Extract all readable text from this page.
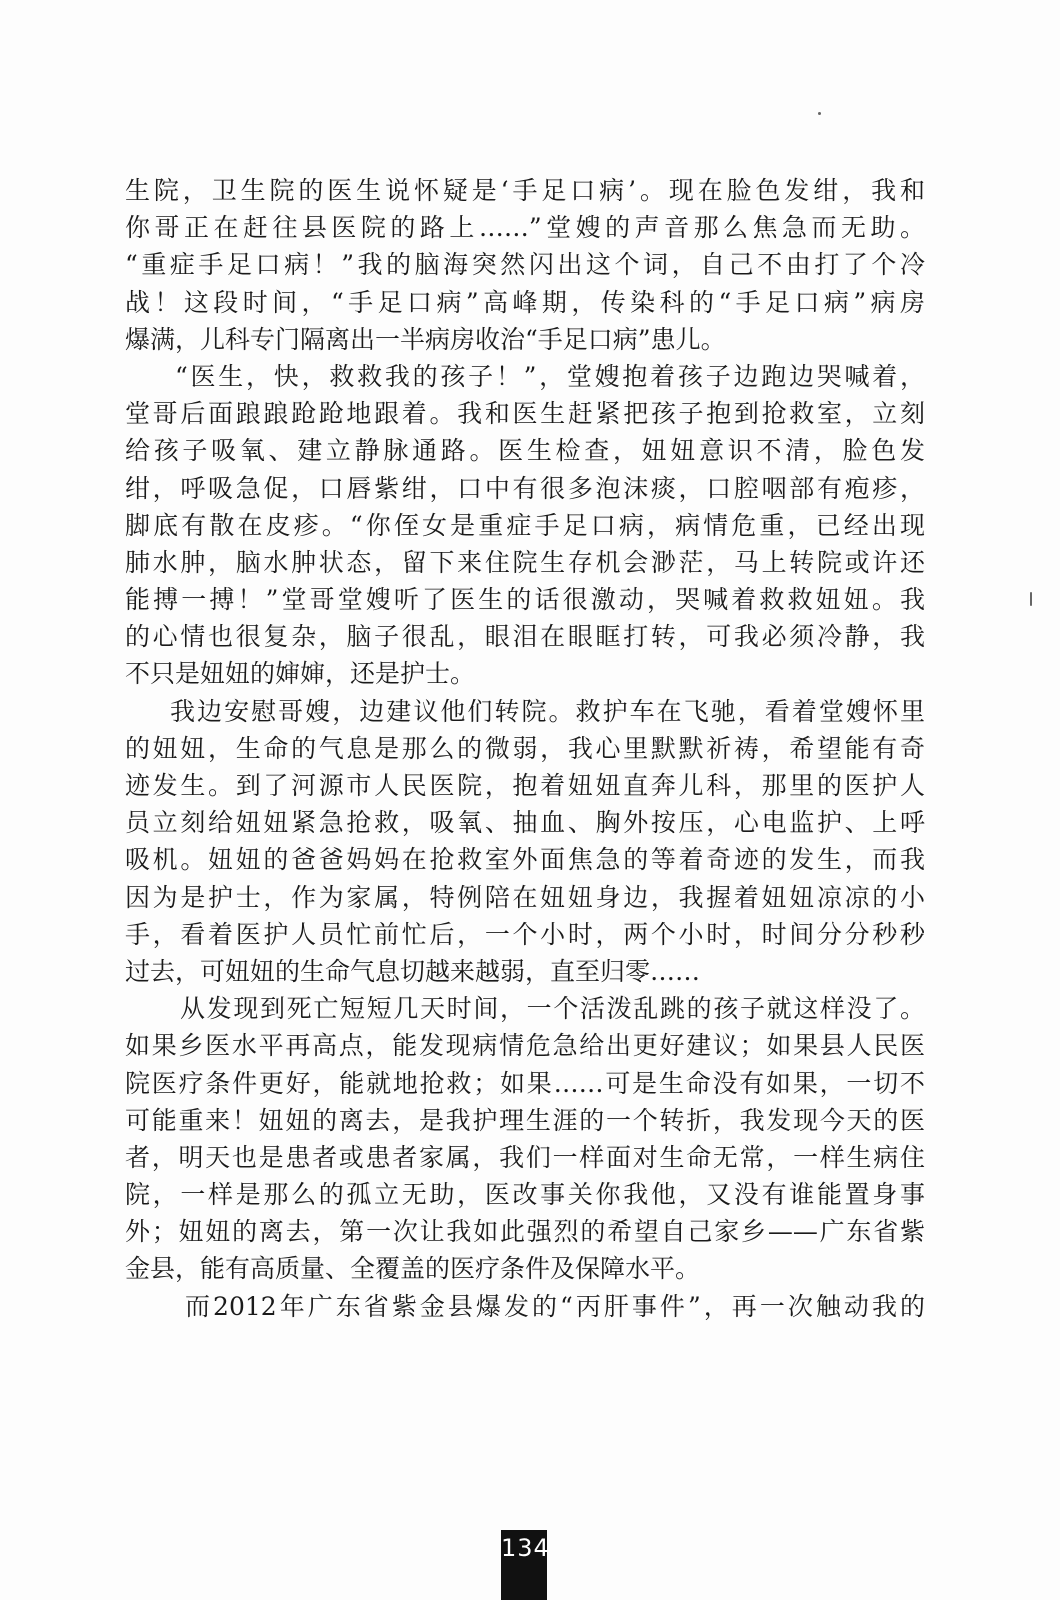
生院，卫生院的医生说怀疑是‘手足口病’。现在脸色发绀，我和
你哥正在赶往县医院的路上……”堂嫂的声音那么焦急而无助。
“重症手足口病！”我的脑海突然闪出这个词，自己不由打了个冷
战！这段时间，“手足口病”高峰期，传染科的“手足口病”病房
爆满，儿科专门隔离出一半病房收治“手足口病”患儿。
“医生，快，救救我的孩子！”，堂嫂抱着孩子边跑边哭喊着，
堂哥后面踉踉跄跄地跟着。我和医生赶紧把孩子抱到抢救室，立刻
给孩子吸氧、建立静脉通路。医生检查，妞妞意识不清，脸色发
绀，呼吸急促，口唇紫绀，口中有很多泡沫痰，口腔咽部有疱疹，
脚底有散在皮疹。“你侄女是重症手足口病，病情危重，已经出现
肺水肿，脑水肿状态，留下来住院生存机会渺茫，马上转院或许还
能搏一搏！”堂哥堂嫂听了医生的话很激动，哭喊着救救妞妞。我
的心情也很复杂，脑子很乱，眼泪在眼眶打转，可我必须冷静，我
不只是妞妞的婶婶，还是护士。
我边安慰哥嫂，边建议他们转院。救护车在飞驰，看着堂嫂怀里
的妞妞，生命的气息是那么的微弱，我心里默默祈祷，希望能有奇
迹发生。到了河源市人民医院，抱着妞妞直奔儿科，那里的医护人
员立刻给妞妞紧急抢救，吸氧、抽血、胸外按压，心电监护、上呼
吸机。妞妞的爸爸妈妈在抢救室外面焦急的等着奇迹的发生，而我
因为是护士，作为家属，特例陪在妞妞身边，我握着妞妞凉凉的小
手，看着医护人员忙前忙后，一个小时，两个小时，时间分分秒秒
过去，可妞妞的生命气息切越来越弱，直至归零……
从发现到死亡短短几天时间，一个活泼乱跳的孩子就这样没了。
如果乡医水平再高点，能发现病情危急给出更好建议；如果县人民医
院医疗条件更好，能就地抢救；如果……可是生命没有如果，一切不
可能重来！妞妞的离去，是我护理生涯的一个转折，我发现今天的医
者，明天也是患者或患者家属，我们一样面对生命无常，一样生病住
院，一样是那么的孤立无助，医改事关你我他，又没有谁能置身事
外；妞妞的离去，第一次让我如此强烈的希望自己家乡——广东省紫
金县，能有高质量、全覆盖的医疗条件及保障水平。
而2012年广东省紫金县爆发的“丙肝事件”，再一次触动我的
134
